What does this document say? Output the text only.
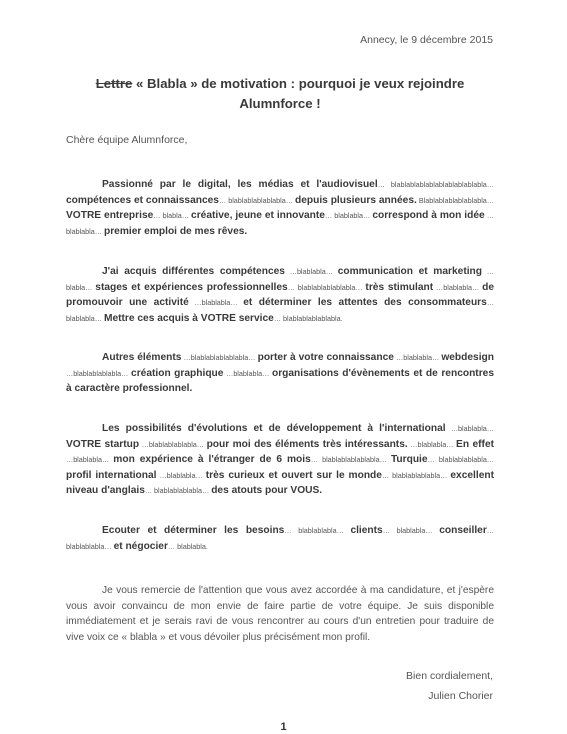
Annecy, le 9 décembre 2015
Lettre « Blabla » de motivation : pourquoi je veux rejoindre
Alumnforce !
Chère équipe Alumnforce,
Passionné par le digital, les médias et l'audiovisuel… blablablablablablablablablabla… compétences et connaissances… blablablablablabla… depuis plusieurs années. Blablablablablablabla… VOTRE entreprise… blabla… créative, jeune et innovante… blablabla… correspond à mon idée …blablabla… premier emploi de mes rêves.
J'ai acquis différentes compétences …blablabla… communication et marketing …blabla… stages et expériences professionnelles… blablablablablabla… très stimulant …blablabla… de promouvoir une activité …blablabla… et déterminer les attentes des consommateurs… blablabla… Mettre ces acquis à VOTRE service… blablablablablabla.
Autres éléments …blablablablablabla… porter à votre connaissance …blablabla… webdesign …blablablablabla… création graphique …blablabla… organisations d'évènements et de rencontres à caractère professionnel.
Les possibilités d'évolutions et de développement à l'international …blablabla… VOTRE startup …blablablablabla… pour moi des éléments très intéressants. …blablabla… En effet …blablabla… mon expérience à l'étranger de 6 mois… blablablablablabla… Turquie… blablablablabla… profil international …blablabla… très curieux et ouvert sur le monde… blablablablabla… excellent niveau d'anglais… blablablablabla… des atouts pour VOUS.
Ecouter et déterminer les besoins… blablablabla… clients… blablabla… conseiller… blablablabla… et négocier… blablabla.
Je vous remercie de l'attention que vous avez accordée à ma candidature, et j'espère vous avoir convaincu de mon envie de faire partie de votre équipe. Je suis disponible immédiatement et je serais ravi de vous rencontrer au cours d'un entretien pour traduire de vive voix ce « blabla » et vous dévoiler plus précisément mon profil.
Bien cordialement,
Julien Chorier
1
